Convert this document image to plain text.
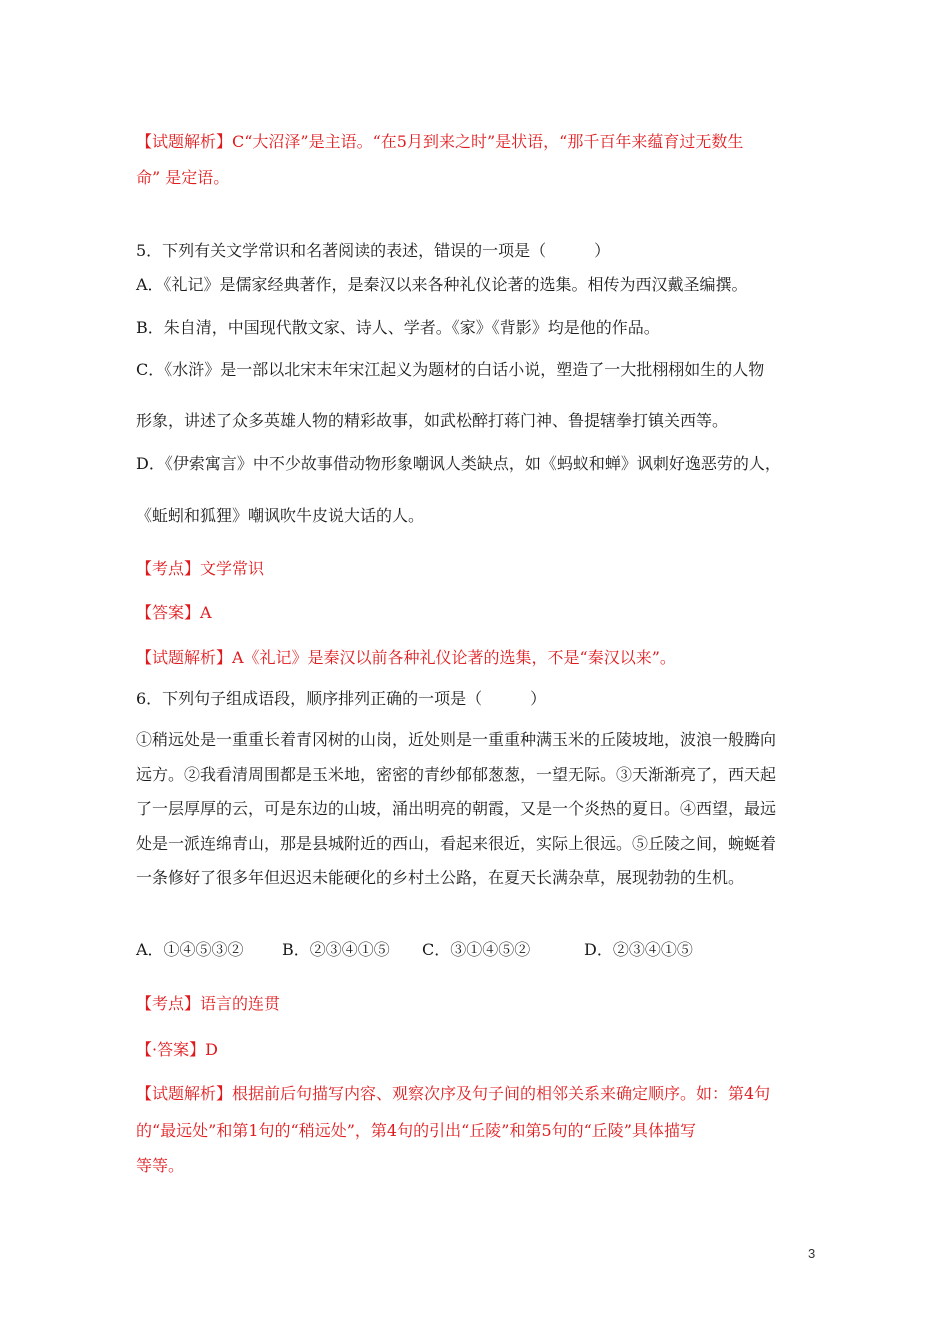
【试题解析】C“大沼泽”是主语。“在5月到来之时”是状语，“那千百年来蕴育过无数生
命” 是定语。
5．下列有关文学常识和名著阅读的表述，错误的一项是（　　　）
A．《礼记》是儒家经典著作，是秦汉以来各种礼仪论著的选集。相传为西汉戴圣编撰。
B．朱自清，中国现代散文家、诗人、学者。《家》《背影》均是他的作品。
C．《水浒》是一部以北宋末年宋江起义为题材的白话小说，塑造了一大批栩栩如生的人物
形象，讲述了众多英雄人物的精彩故事，如武松醉打蒋门神、鲁提辖拳打镇关西等。
D．《伊索寓言》中不少故事借动物形象嘲讽人类缺点，如《蚂蚁和蝉》讽刺好逸恶劳的人，
《蚯蚓和狐狸》嘲讽吹牛皮说大话的人。
【考点】文学常识
【答案】A
【试题解析】A《礼记》是秦汉以前各种礼仪论著的选集，不是“秦汉以来”。
6．下列句子组成语段，顺序排列正确的一项是（　　　）
①稍远处是一重重长着青冈树的山岗，近处则是一重重种满玉米的丘陵坡地，波浪一般腾向
远方。②我看清周围都是玉米地，密密的青纱郁郁葱葱，一望无际。③天渐渐亮了，西天起
了一层厚厚的云，可是东边的山坡，涌出明亮的朝霞，又是一个炎热的夏日。④西望，最远
处是一派连绵青山，那是县城附近的西山，看起来很近，实际上很远。⑤丘陵之间，蜿蜒着
一条修好了很多年但迟迟未能硬化的乡村土公路，在夏天长满杂草，展现勃勃的生机。
A．①④⑤③② B．②③④①⑤ C．③①④⑤②	D．②③④①⑤
【考点】语言的连贯
【·答案】D
【试题解析】根据前后句描写内容、观察次序及句子间的相邻关系来确定顺序。如：第4句
的“最远处”和第1句的“稍远处”，第4句的引出“丘陵”和第5句的“丘陵”具体描写
等等。
3
